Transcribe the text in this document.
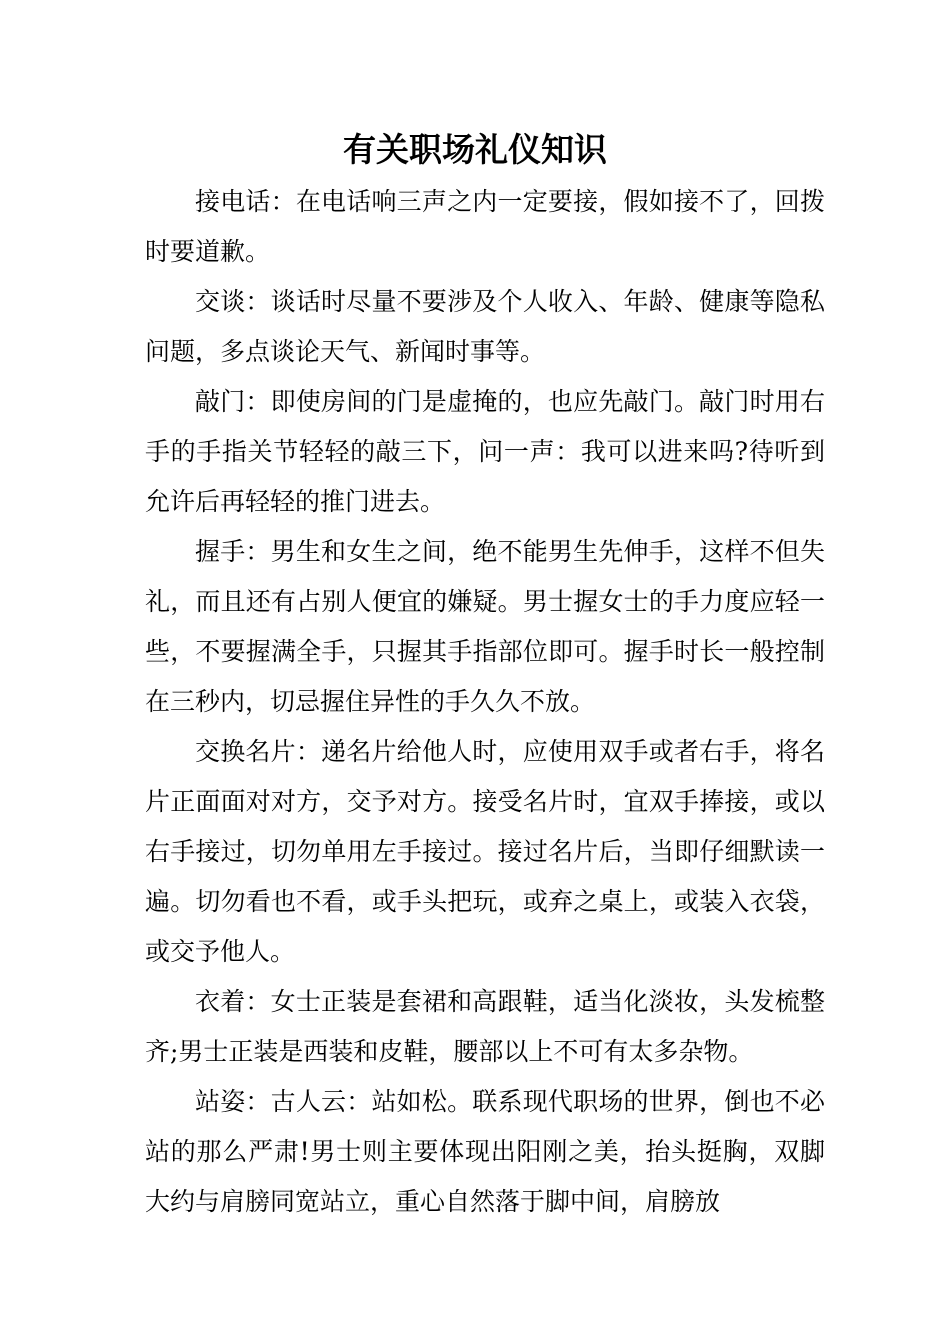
有关职场礼仪知识

接电话：在电话响三声之内一定要接，假如接不了，回拨时要道歉。

交谈：谈话时尽量不要涉及个人收入、年龄、健康等隐私问题，多点谈论天气、新闻时事等。

敲门：即使房间的门是虚掩的，也应先敲门。敲门时用右手的手指关节轻轻的敲三下，问一声：我可以进来吗?待听到允许后再轻轻的推门进去。

握手：男生和女生之间，绝不能男生先伸手，这样不但失礼，而且还有占别人便宜的嫌疑。男士握女士的手力度应轻一些，不要握满全手，只握其手指部位即可。握手时长一般控制在三秒内，切忌握住异性的手久久不放。

交换名片：递名片给他人时，应使用双手或者右手，将名片正面面对对方，交予对方。接受名片时，宜双手捧接，或以右手接过，切勿单用左手接过。接过名片后，当即仔细默读一遍。切勿看也不看，或手头把玩，或弃之桌上，或装入衣袋，或交予他人。

衣着：女士正装是套裙和高跟鞋，适当化淡妆，头发梳整齐;男士正装是西装和皮鞋，腰部以上不可有太多杂物。

站姿：古人云：站如松。联系现代职场的世界，倒也不必站的那么严肃!男士则主要体现出阳刚之美，抬头挺胸，双脚大约与肩膀同宽站立，重心自然落于脚中间，肩膀放
